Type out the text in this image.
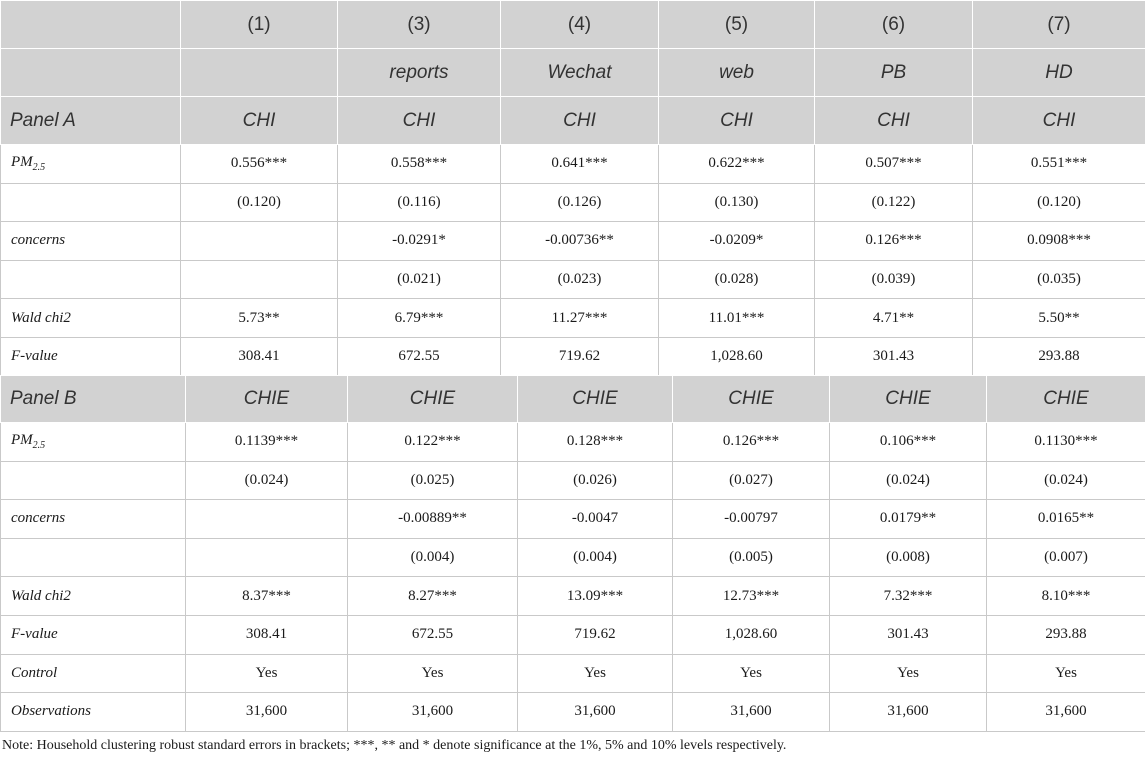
	(1)	(3)	(4)	(5)	(6)	(7)
		reports	Wechat	web	PB	HD
Panel A	CHI	CHI	CHI	CHI	CHI	CHI
$PM_{2.5}$	0.556***	0.558***	0.641***	0.622***	0.507***	0.551***
	(0.120)	(0.116)	(0.126)	(0.130)	(0.122)	(0.120)
concerns		-0.0291*	-0.00736**	-0.0209*	0.126***	0.0908***
		(0.021)	(0.023)	(0.028)	(0.039)	(0.035)
Wald chi2	5.73**	6.79***	11.27***	11.01***	4.71**	5.50**
F-value	308.41	672.55	719.62	1,028.60	301.43	293.88
Panel B	CHIE	CHIE	CHIE	CHIE	CHIE	CHIE
$PM_{2.5}$	0.1139***	0.122***	0.128***	0.126***	0.106***	0.1130***
	(0.024)	(0.025)	(0.026)	(0.027)	(0.024)	(0.024)
concerns		-0.00889**	-0.0047	-0.00797	0.0179**	0.0165**
		(0.004)	(0.004)	(0.005)	(0.008)	(0.007)
Wald chi2	8.37***	8.27***	13.09***	12.73***	7.32***	8.10***
F-value	308.41	672.55	719.62	1,028.60	301.43	293.88
Control	Yes	Yes	Yes	Yes	Yes	Yes
Observations	31,600	31,600	31,600	31,600	31,600	31,600
Note: Household clustering robust standard errors in brackets; ***, ** and * denote significance at the 1%, 5% and 10% levels respectively.
